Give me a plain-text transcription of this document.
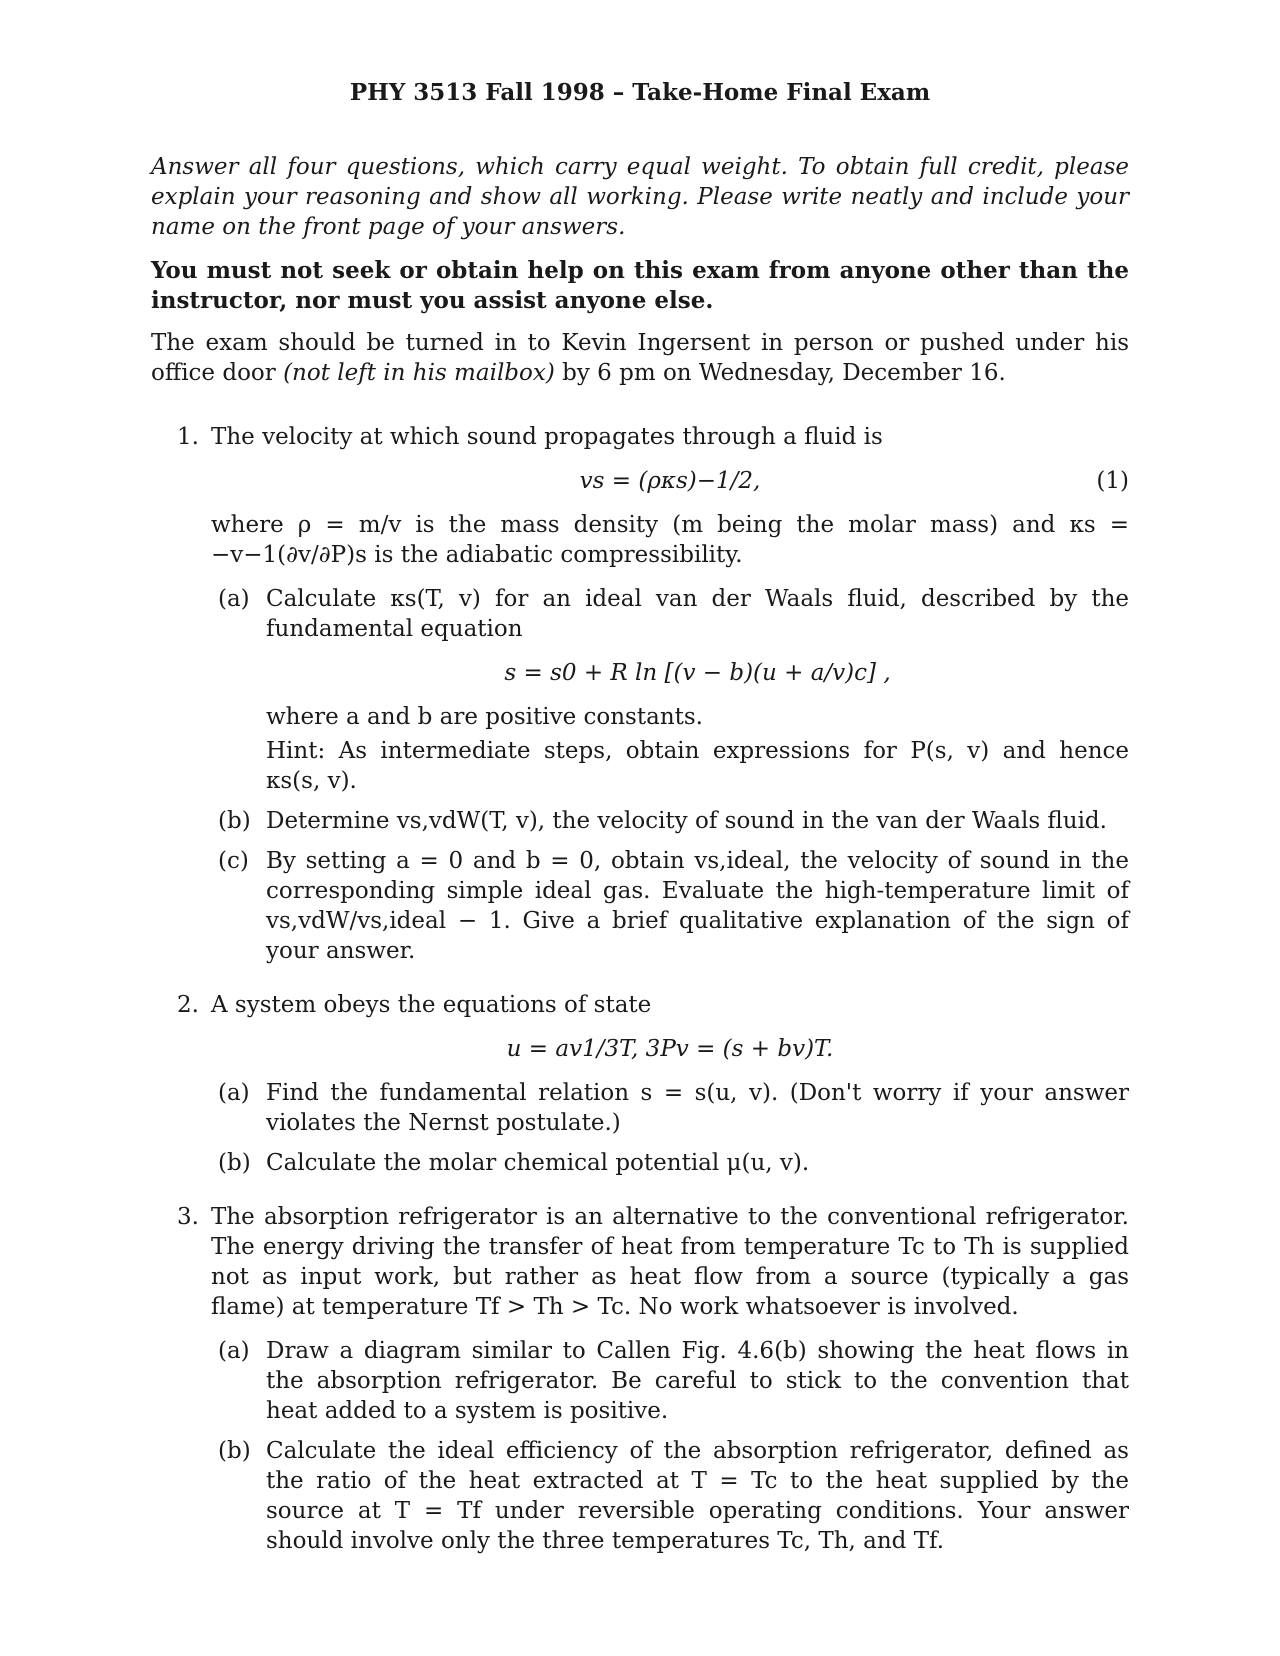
PHY 3513 Fall 1998 – Take-Home Final Exam

Answer all four questions, which carry equal weight. To obtain full credit, please explain your reasoning and show all working. Please write neatly and include your name on the front page of your answers.

You must not seek or obtain help on this exam from anyone other than the instructor, nor must you assist anyone else.

The exam should be turned in to Kevin Ingersent in person or pushed under his office door (not left in his mailbox) by 6 pm on Wednesday, December 16.

1. The velocity at which sound propagates through a fluid is
vs = (ρκs)−1/2,	(1)
where ρ = m/v is the mass density (m being the molar mass) and κs = −v−1(∂v/∂P)s is the adiabatic compressibility.
(a) Calculate κs(T, v) for an ideal van der Waals fluid, described by the fundamental equation
s = s0 + R ln [(v − b)(u + a/v)c] ,
where a and b are positive constants.
Hint: As intermediate steps, obtain expressions for P(s, v) and hence κs(s, v).
(b) Determine vs,vdW(T, v), the velocity of sound in the van der Waals fluid.
(c) By setting a = 0 and b = 0, obtain vs,ideal, the velocity of sound in the corresponding simple ideal gas. Evaluate the high-temperature limit of vs,vdW/vs,ideal − 1. Give a brief qualitative explanation of the sign of your answer.
2. A system obeys the equations of state
u = av1/3T, 3Pv = (s + bv)T.
(a) Find the fundamental relation s = s(u, v). (Don't worry if your answer violates the Nernst postulate.)
(b) Calculate the molar chemical potential μ(u, v).
3. The absorption refrigerator is an alternative to the conventional refrigerator. The energy driving the transfer of heat from temperature Tc to Th is supplied not as input work, but rather as heat flow from a source (typically a gas flame) at temperature Tf > Th > Tc. No work whatsoever is involved.
(a) Draw a diagram similar to Callen Fig. 4.6(b) showing the heat flows in the absorption refrigerator. Be careful to stick to the convention that heat added to a system is positive.
(b) Calculate the ideal efficiency of the absorption refrigerator, defined as the ratio of the heat extracted at T = Tc to the heat supplied by the source at T = Tf under reversible operating conditions. Your answer should involve only the three temperatures Tc, Th, and Tf.
